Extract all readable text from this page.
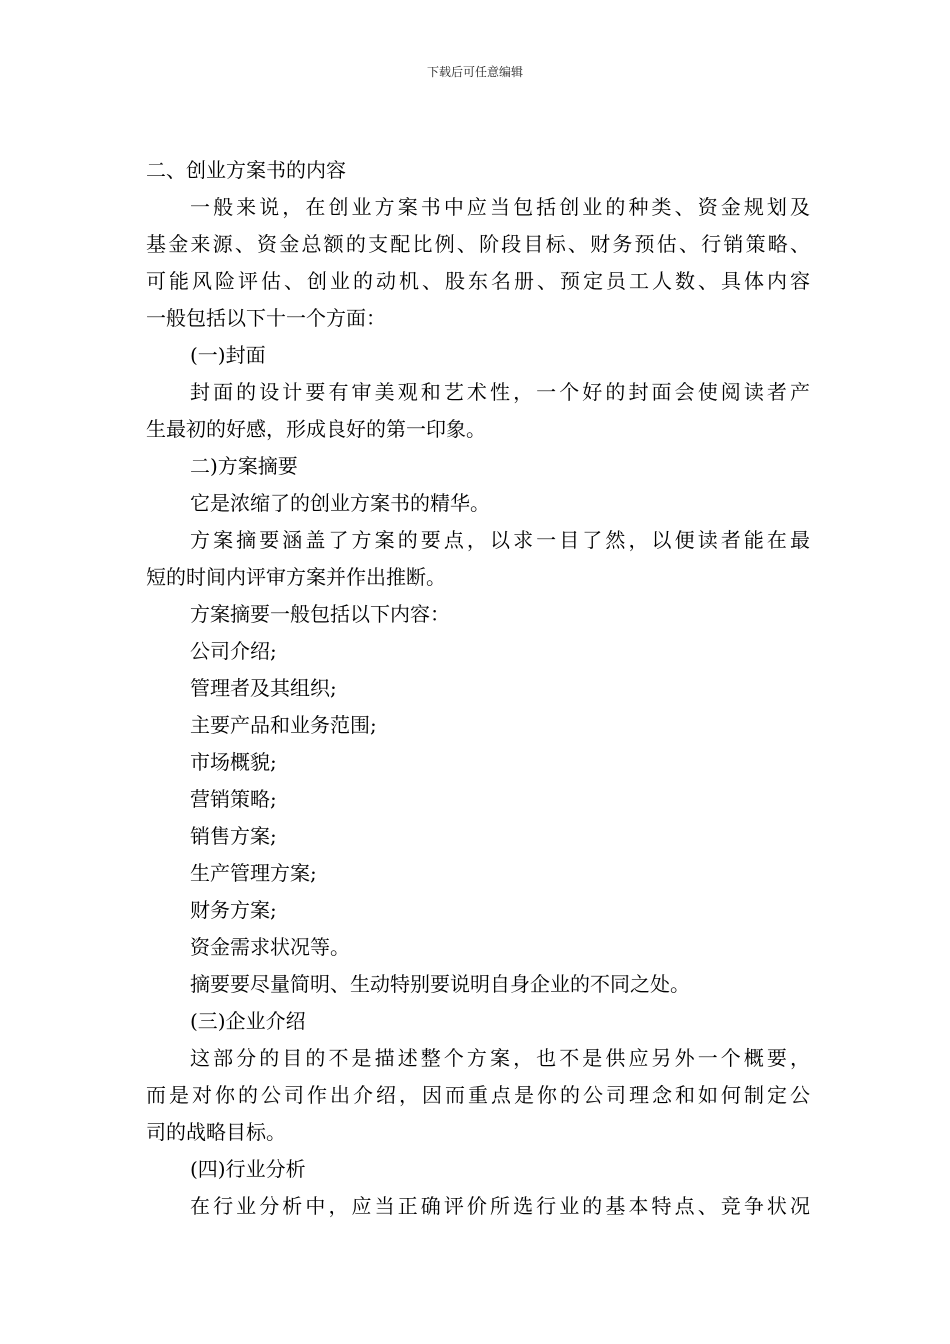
下载后可任意编辑
二、创业方案书的内容
一般来说，在创业方案书中应当包括创业的种类、资金规划及
基金来源、资金总额的支配比例、阶段目标、财务预估、行销策略、
可能风险评估、创业的动机、股东名册、预定员工人数、具体内容
一般包括以下十一个方面：
(一)封面
封面的设计要有审美观和艺术性，一个好的封面会使阅读者产
生最初的好感，形成良好的第一印象。
二)方案摘要
它是浓缩了的创业方案书的精华。
方案摘要涵盖了方案的要点，以求一目了然，以便读者能在最
短的时间内评审方案并作出推断。
方案摘要一般包括以下内容：
公司介绍;
管理者及其组织;
主要产品和业务范围;
市场概貌;
营销策略;
销售方案;
生产管理方案;
财务方案;
资金需求状况等。
摘要要尽量简明、生动特别要说明自身企业的不同之处。
(三)企业介绍
这部分的目的不是描述整个方案，也不是供应另外一个概要，
而是对你的公司作出介绍，因而重点是你的公司理念和如何制定公
司的战略目标。
(四)行业分析
在行业分析中，应当正确评价所选行业的基本特点、竞争状况
